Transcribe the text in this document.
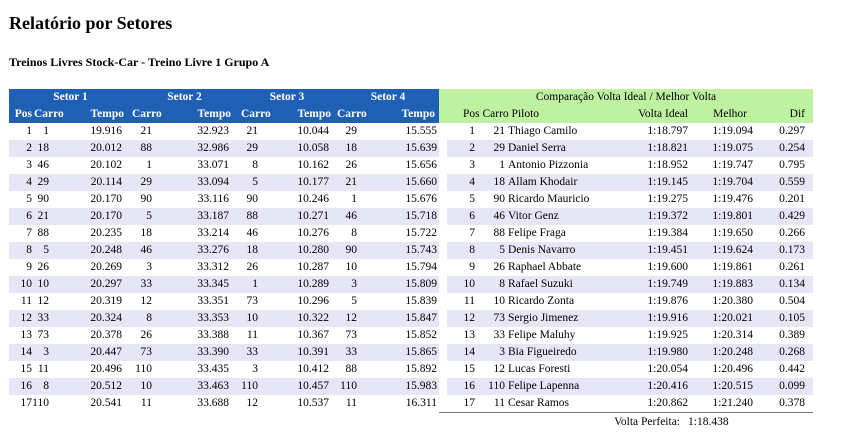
Relatório por Setores
Treinos Livres Stock-Car - Treino Livre 1 Grupo A
Setor 1			Setor 2		Setor 3		Setor 4		Comparação Volta Ideal / Melhor Volta					
Pos	Carro	Tempo	Carro	Tempo	Carro	Tempo	Carro	Tempo		Pos Carro Piloto		Volta Ideal	Melhor	Dif
1	1	19.916	21	32.923	21	10.044	29	15.555		1	21 Thiago Camilo	1:18.797	1:19.094	0.297
2	18	20.012	88	32.986	29	10.058	18	15.639		2	29 Daniel Serra	1:18.821	1:19.075	0.254
3	46	20.102	1	33.071	8	10.162	26	15.656		3	1 Antonio Pizzonia	1:18.952	1:19.747	0.795
4	29	20.114	29	33.094	5	10.177	21	15.660		4	18 Allam Khodair	1:19.145	1:19.704	0.559
5	90	20.170	90	33.116	90	10.246	1	15.676		5	90 Ricardo Mauricio	1:19.275	1:19.476	0.201
6	21	20.170	5	33.187	88	10.271	46	15.718		6	46 Vitor Genz	1:19.372	1:19.801	0.429
7	88	20.235	18	33.214	46	10.276	8	15.722		7	88 Felipe Fraga	1:19.384	1:19.650	0.266
8	5	20.248	46	33.276	18	10.280	90	15.743		8	5 Denis Navarro	1:19.451	1:19.624	0.173
9	26	20.269	3	33.312	26	10.287	10	15.794		9	26 Raphael Abbate	1:19.600	1:19.861	0.261
10	10	20.297	33	33.345	1	10.289	3	15.809		10	8 Rafael Suzuki	1:19.749	1:19.883	0.134
11	12	20.319	12	33.351	73	10.296	5	15.839		11	10 Ricardo Zonta	1:19.876	1:20.380	0.504
12	33	20.324	8	33.353	10	10.322	12	15.847		12	73 Sergio Jimenez	1:19.916	1:20.021	0.105
13	73	20.378	26	33.388	11	10.367	73	15.852		13	33 Felipe Maluhy	1:19.925	1:20.314	0.389
14	3	20.447	73	33.390	33	10.391	33	15.865		14	3 Bia Figueiredo	1:19.980	1:20.248	0.268
15	11	20.496	110	33.435	3	10.412	88	15.892		15	12 Lucas Foresti	1:20.054	1:20.496	0.442
16	8	20.512	10	33.463	110	10.457	110	15.983		16	110 Felipe Lapenna	1:20.416	1:20.515	0.099
17	110	20.541	11	33.688	12	10.537	11	16.311		17	11 Cesar Ramos	1:20.862	1:21.240	0.378
										Volta Perfeita:			1:18.438	
